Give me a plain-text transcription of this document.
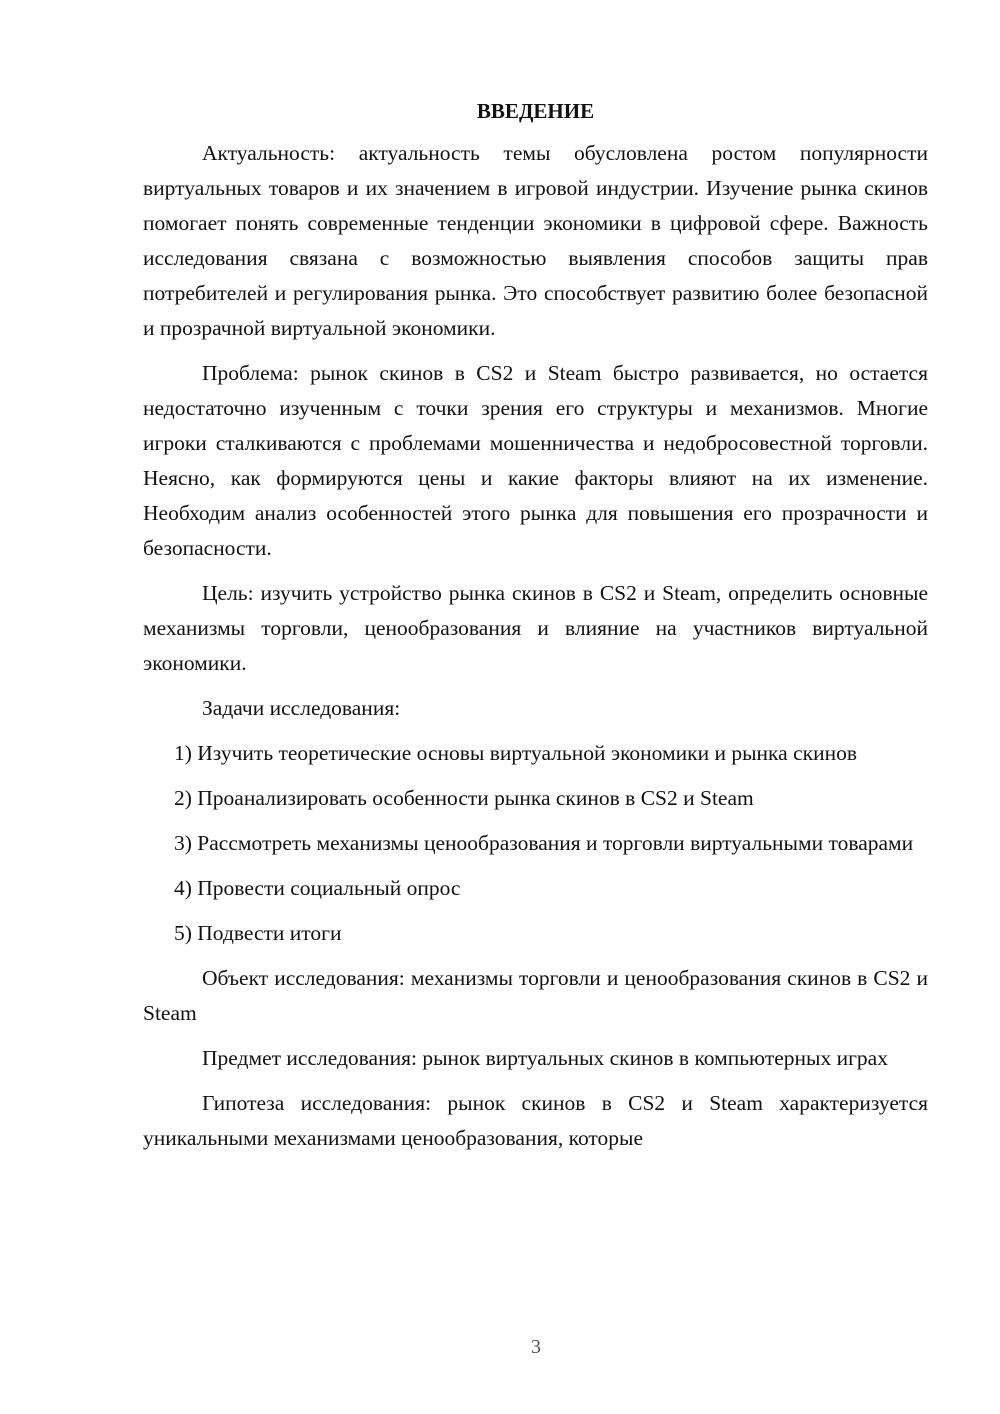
ВВЕДЕНИЕ

Актуальность: актуальность темы обусловлена ростом популярности виртуальных товаров и их значением в игровой индустрии. Изучение рынка скинов помогает понять современные тенденции экономики в цифровой сфере. Важность исследования связана с возможностью выявления способов защиты прав потребителей и регулирования рынка. Это способствует развитию более безопасной и прозрачной виртуальной экономики.

Проблема: рынок скинов в CS2 и Steam быстро развивается, но остается недостаточно изученным с точки зрения его структуры и механизмов. Многие игроки сталкиваются с проблемами мошенничества и недобросовестной торговли. Неясно, как формируются цены и какие факторы влияют на их изменение. Необходим анализ особенностей этого рынка для повышения его прозрачности и безопасности.

Цель: изучить устройство рынка скинов в CS2 и Steam, определить основные механизмы торговли, ценообразования и влияние на участников виртуальной экономики.

Задачи исследования:

1) Изучить теоретические основы виртуальной экономики и рынка скинов

2) Проанализировать особенности рынка скинов в CS2 и Steam

3) Рассмотреть механизмы ценообразования и торговли виртуальными товарами

4) Провести социальный опрос

5) Подвести итоги

Объект исследования: механизмы торговли и ценообразования скинов в CS2 и Steam

Предмет исследования: рынок виртуальных скинов в компьютерных играх

Гипотеза исследования: рынок скинов в CS2 и Steam характеризуется уникальными механизмами ценообразования, которые

3
